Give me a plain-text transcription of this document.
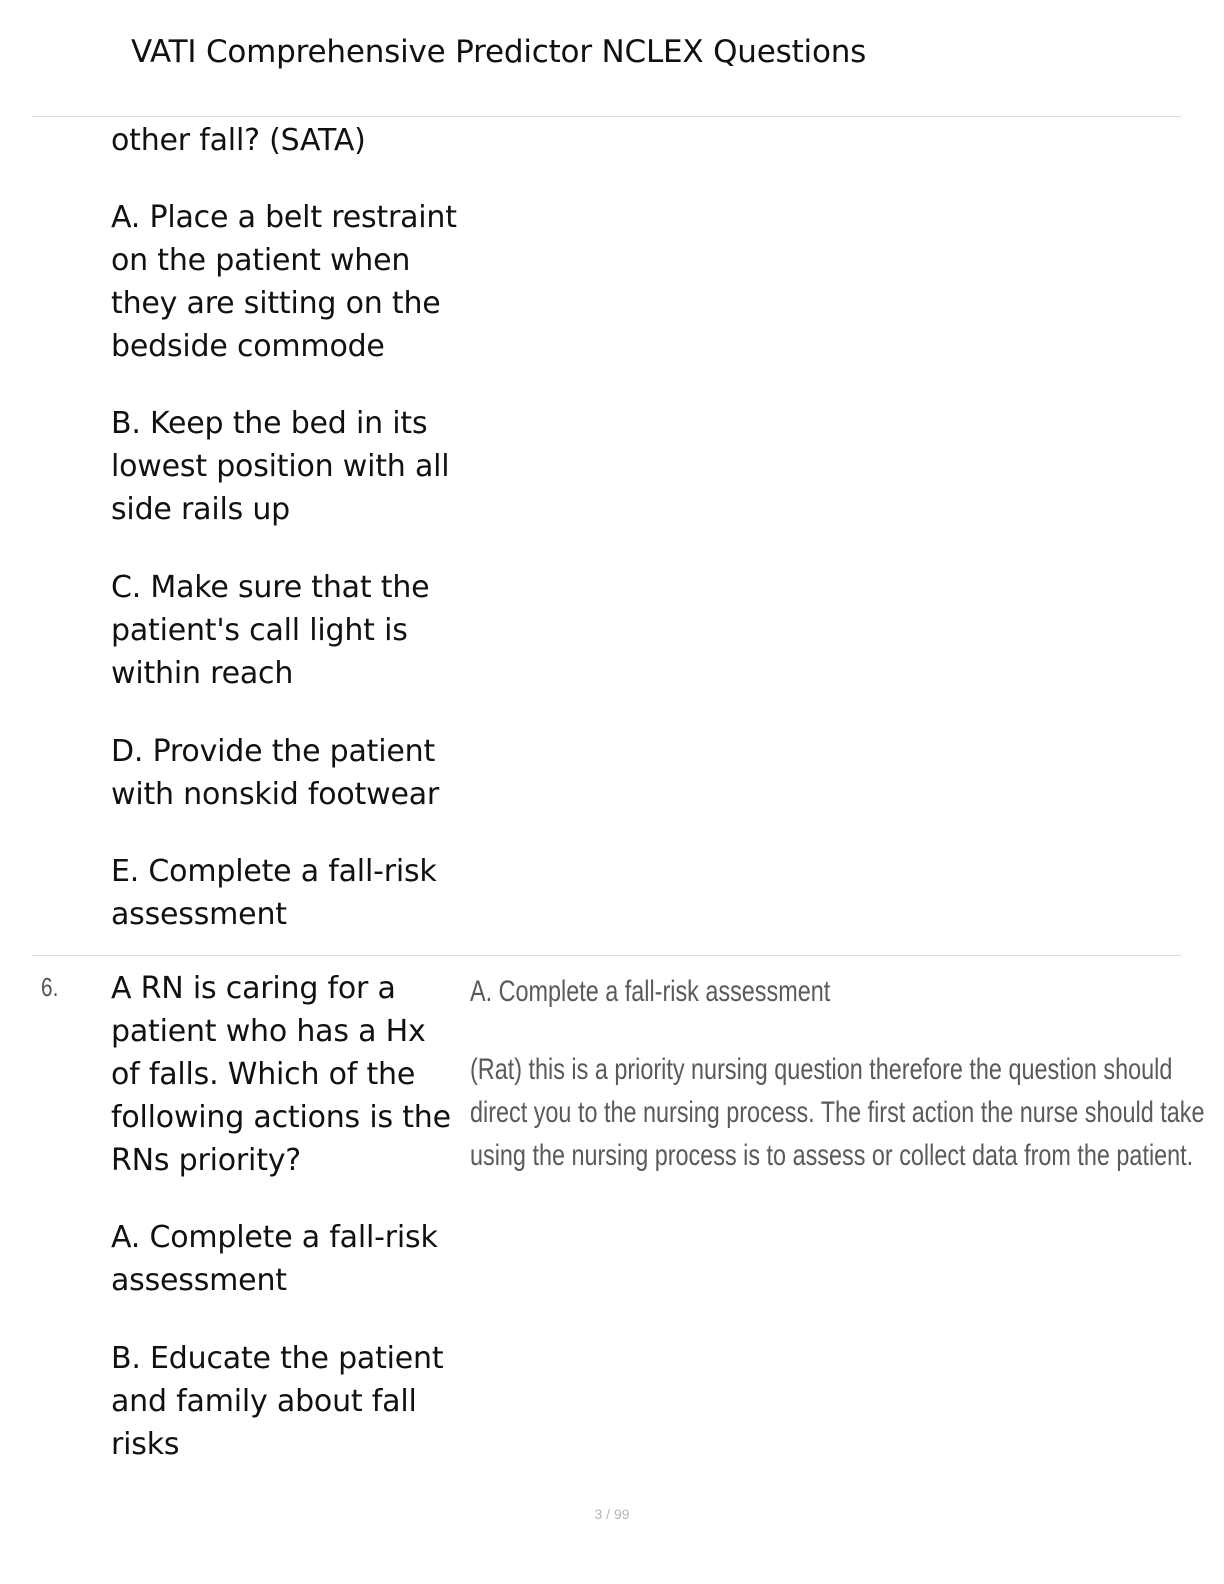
VATI Comprehensive Predictor NCLEX Questions
other fall? (SATA)
A. Place a belt restraint on the patient when they are sitting on the bedside commode
B. Keep the bed in its lowest position with all side rails up
C. Make sure that the patient's call light is within reach
D. Provide the patient with nonskid footwear
E. Complete a fall-risk assessment
6. A RN is caring for a patient who has a Hx of falls. Which of the following actions is the RNs priority?
A. Complete a fall-risk assessment
B. Educate the patient and family about fall risks
A. Complete a fall-risk assessment
(Rat) this is a priority nursing question therefore the question should
direct you to the nursing process. The first action the nurse should take
using the nursing process is to assess or collect data from the patient.
3 / 99
